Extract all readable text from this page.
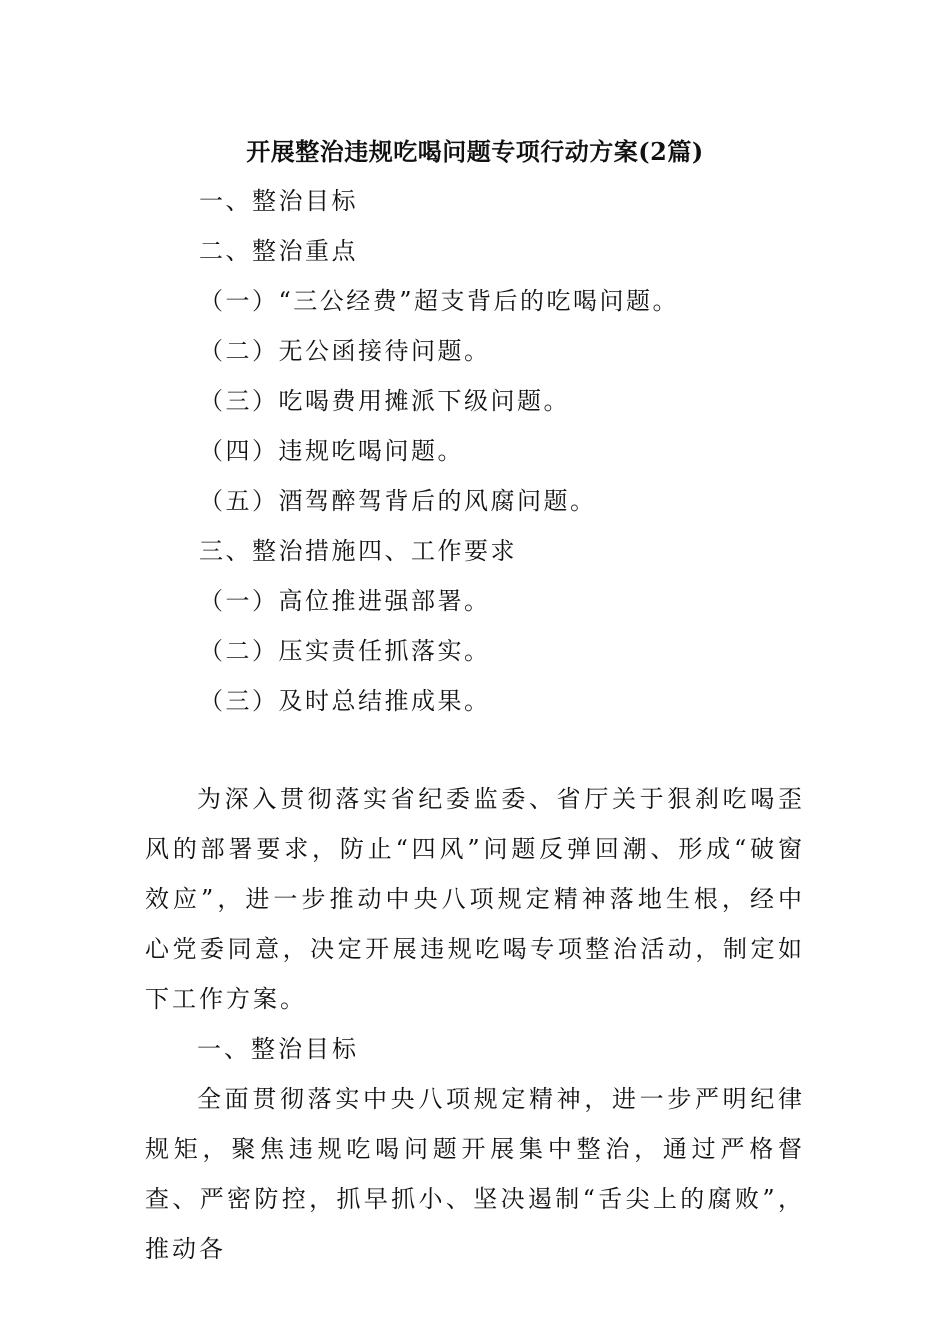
开展整治违规吃喝问题专项行动方案(2篇)
一、整治目标
二、整治重点
（一）“三公经费”超支背后的吃喝问题。
（二）无公函接待问题。
（三）吃喝费用摊派下级问题。
（四）违规吃喝问题。
（五）酒驾醉驾背后的风腐问题。
三、整治措施四、工作要求
（一）高位推进强部署。
（二）压实责任抓落实。
（三）及时总结推成果。

为深入贯彻落实省纪委监委、省厅关于狠刹吃喝歪风的部署要求，防止“四风”问题反弹回潮、形成“破窗效应”，进一步推动中央八项规定精神落地生根，经中心党委同意，决定开展违规吃喝专项整治活动，制定如下工作方案。

一、整治目标

全面贯彻落实中央八项规定精神，进一步严明纪律规矩，聚焦违规吃喝问题开展集中整治，通过严格督查、严密防控，抓早抓小、坚决遏制“舌尖上的腐败”，推动各
